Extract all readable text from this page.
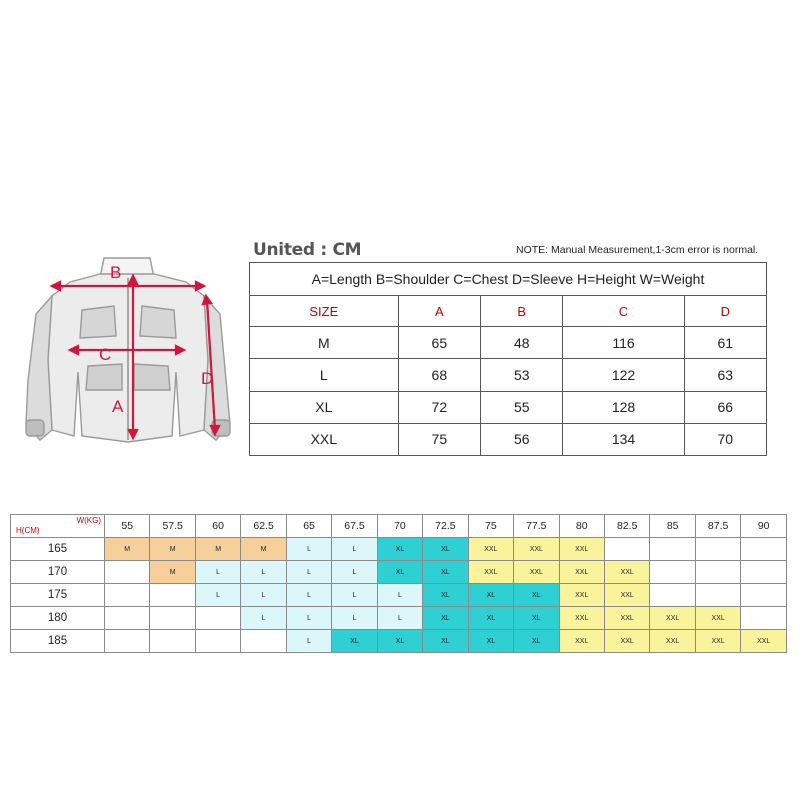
B
C
A
D
United : CM	NOTE: Manual Measurement,1-3cm error is normal.
A=Length B=Shoulder C=Chest D=Sleeve H=Height W=Weight				
SIZE	A	B	C	D
M	65	48	116	61
L	68	53	122	63
XL	72	55	128	66
XXL	75	56	134	70
H(CM)
W(KG)	55	57.5	60	62.5	65	67.5	70	72.5	75	77.5	80	82.5	85	87.5	90
165	M	M	M	M	L	L	XL	XL	XXL	XXL	XXL				
170		M	L	L	L	L	XL	XL	XXL	XXL	XXL	XXL			
175			L	L	L	L	L	XL	XL	XL	XXL	XXL			
180				L	L	L	L	XL	XL	XL	XXL	XXL	XXL	XXL	
185					L	XL	XL	XL	XL	XL	XXL	XXL	XXL	XXL	XXL
